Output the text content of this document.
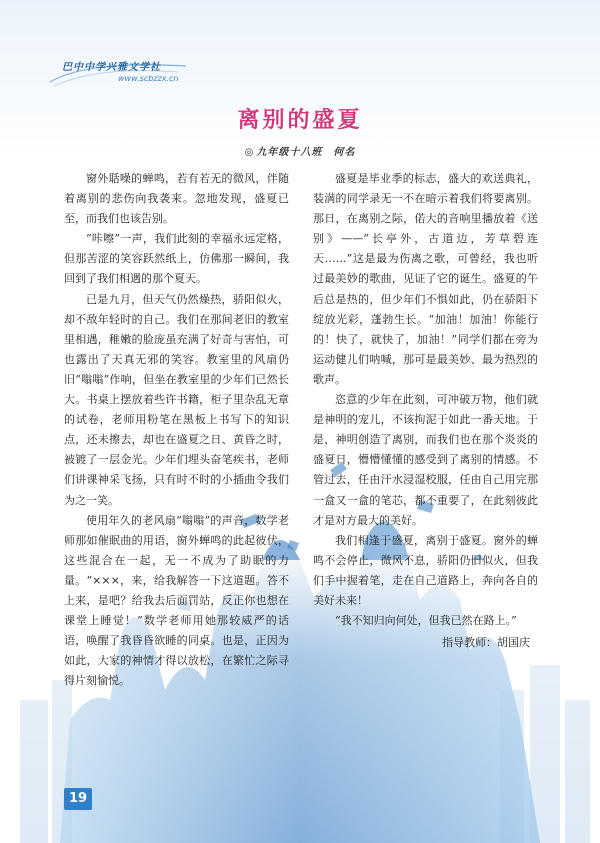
巴中中学兴雅文学社
www.scbzzx.cn
离别的盛夏
◎ 九年级十八班　何名

窗外聒噪的蝉鸣，若有若无的微风，伴随着离别的悲伤向我袭来。忽地发现，盛夏已至，而我们也该告别。

“咔嚓”一声，我们此刻的幸福永远定格，但那苦涩的笑容跃然纸上，仿佛那一瞬间，我回到了我们相遇的那个夏天。

已是九月，但天气仍然燥热，骄阳似火，却不敌年轻时的自己。我们在那间老旧的教室里相遇，稚嫩的脸庞虽充满了好奇与害怕，可也露出了天真无邪的笑容。教室里的风扇仍旧“嗡嗡”作响，但坐在教室里的少年们已然长大。书桌上摆放着些许书籍，柜子里杂乱无章的试卷，老师用粉笔在黑板上书写下的知识点，还未擦去，却也在盛夏之日、黄昏之时，被镀了一层金光。少年们埋头奋笔疾书，老师们讲课神采飞扬，只有时不时的小插曲令我们为之一笑。

使用年久的老风扇“嗡嗡”的声音，数学老师那如催眠曲的用语，窗外蝉鸣的此起彼伏，这些混合在一起，无一不成为了助眠的力量。“×××，来，给我解答一下这道题。答不上来，是吧？给我去后面罚站，反正你也想在课堂上睡觉！”数学老师用她那较威严的话语，唤醒了我昏昏欲睡的同桌。也是，正因为如此，大家的神情才得以放松，在繁忙之际寻得片刻愉悦。

盛夏是毕业季的标志，盛大的欢送典礼，装满的同学录无一不在暗示着我们将要离别。那日，在离别之际，偌大的音响里播放着《送别》——“长亭外，古道边，芳草碧连天……”这是最为伤离之歌，可曾经，我也听过最美妙的歌曲，见证了它的诞生。盛夏的午后总是热的，但少年们不惧如此，仍在骄阳下绽放光彩，蓬勃生长。“加油！加油！你能行的！快了，就快了，加油！”同学们都在旁为运动健儿们呐喊，那可是最美妙、最为热烈的歌声。

恣意的少年在此刻，可冲破万物，他们就是神明的宠儿，不该拘泥于如此一番天地。于是，神明创造了离别，而我们也在那个炎炎的盛夏日，懵懵懂懂的感受到了离别的情感。不管过去，任由汗水浸湿校服，任由自己用完那一盒又一盒的笔芯，都不重要了，在此刻彼此才是对方最大的美好。

我们相逢于盛夏，离别于盛夏。窗外的蝉鸣不会停止，微风不息，骄阳仍旧似火，但我们手中握着笔，走在自己道路上，奔向各自的美好未来！

“我不知归向何处，但我已然在路上。”

指导教师：胡国庆

19
